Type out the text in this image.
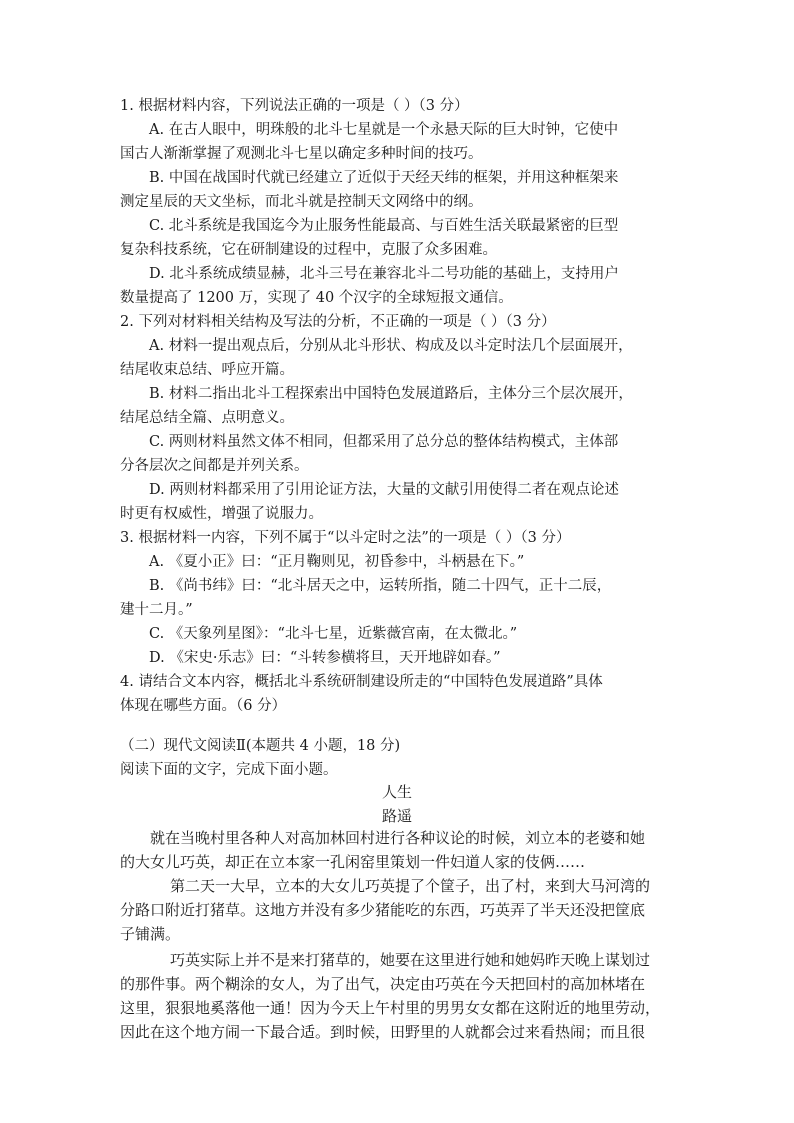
1. 根据材料内容，下列说法正确的一项是（ ）（3 分）
A. 在古人眼中，明珠般的北斗七星就是一个永悬天际的巨大时钟，它使中
国古人渐渐掌握了观测北斗七星以确定多种时间的技巧。
B. 中国在战国时代就已经建立了近似于天经天纬的框架，并用这种框架来
测定星辰的天文坐标，而北斗就是控制天文网络中的纲。
C. 北斗系统是我国迄今为止服务性能最高、与百姓生活关联最紧密的巨型
复杂科技系统，它在研制建设的过程中，克服了众多困难。
D. 北斗系统成绩显赫，北斗三号在兼容北斗二号功能的基础上，支持用户
数量提高了 1200 万，实现了 40 个汉字的全球短报文通信。
2. 下列对材料相关结构及写法的分析，不正确的一项是（ ）（3 分）
A. 材料一提出观点后，分别从北斗形状、构成及以斗定时法几个层面展开，
结尾收束总结、呼应开篇。
B. 材料二指出北斗工程探索出中国特色发展道路后，主体分三个层次展开，
结尾总结全篇、点明意义。
C. 两则材料虽然文体不相同，但都采用了总分总的整体结构模式，主体部
分各层次之间都是并列关系。
D. 两则材料都采用了引用论证方法，大量的文献引用使得二者在观点论述
时更有权威性，增强了说服力。
3. 根据材料一内容，下列不属于“以斗定时之法”的一项是（ ）（3 分）
A. 《夏小正》曰：“正月鞠则见，初昏参中，斗柄悬在下。”
B. 《尚书纬》曰：“北斗居天之中，运转所指，随二十四气，正十二辰，
建十二月。”
C. 《天象列星图》：“北斗七星，近紫薇宫南，在太微北。”
D. 《宋史·乐志》曰：“斗转参横将旦，天开地辟如春。”
4. 请结合文本内容，概括北斗系统研制建设所走的“中国特色发展道路”具体
体现在哪些方面。（6 分）
（二）现代文阅读Ⅱ(本题共 4 小题，18 分)
阅读下面的文字，完成下面小题。
人生
路遥
就在当晚村里各种人对高加林回村进行各种议论的时候，刘立本的老婆和她
的大女儿巧英，却正在立本家一孔闲窑里策划一件妇道人家的伎俩……
第二天一大早，立本的大女儿巧英提了个筐子，出了村，来到大马河湾的
分路口附近打猪草。这地方并没有多少猪能吃的东西，巧英弄了半天还没把筐底
子铺满。
巧英实际上并不是来打猪草的，她要在这里进行她和她妈昨天晚上谋划过
的那件事。两个糊涂的女人，为了出气，决定由巧英在今天把回村的高加林堵在
这里，狠狠地奚落他一通！因为今天上午村里的男男女女都在这附近的地里劳动，
因此在这个地方闹一下最合适。到时候，田野里的人就都会过来看热闹；而且很
